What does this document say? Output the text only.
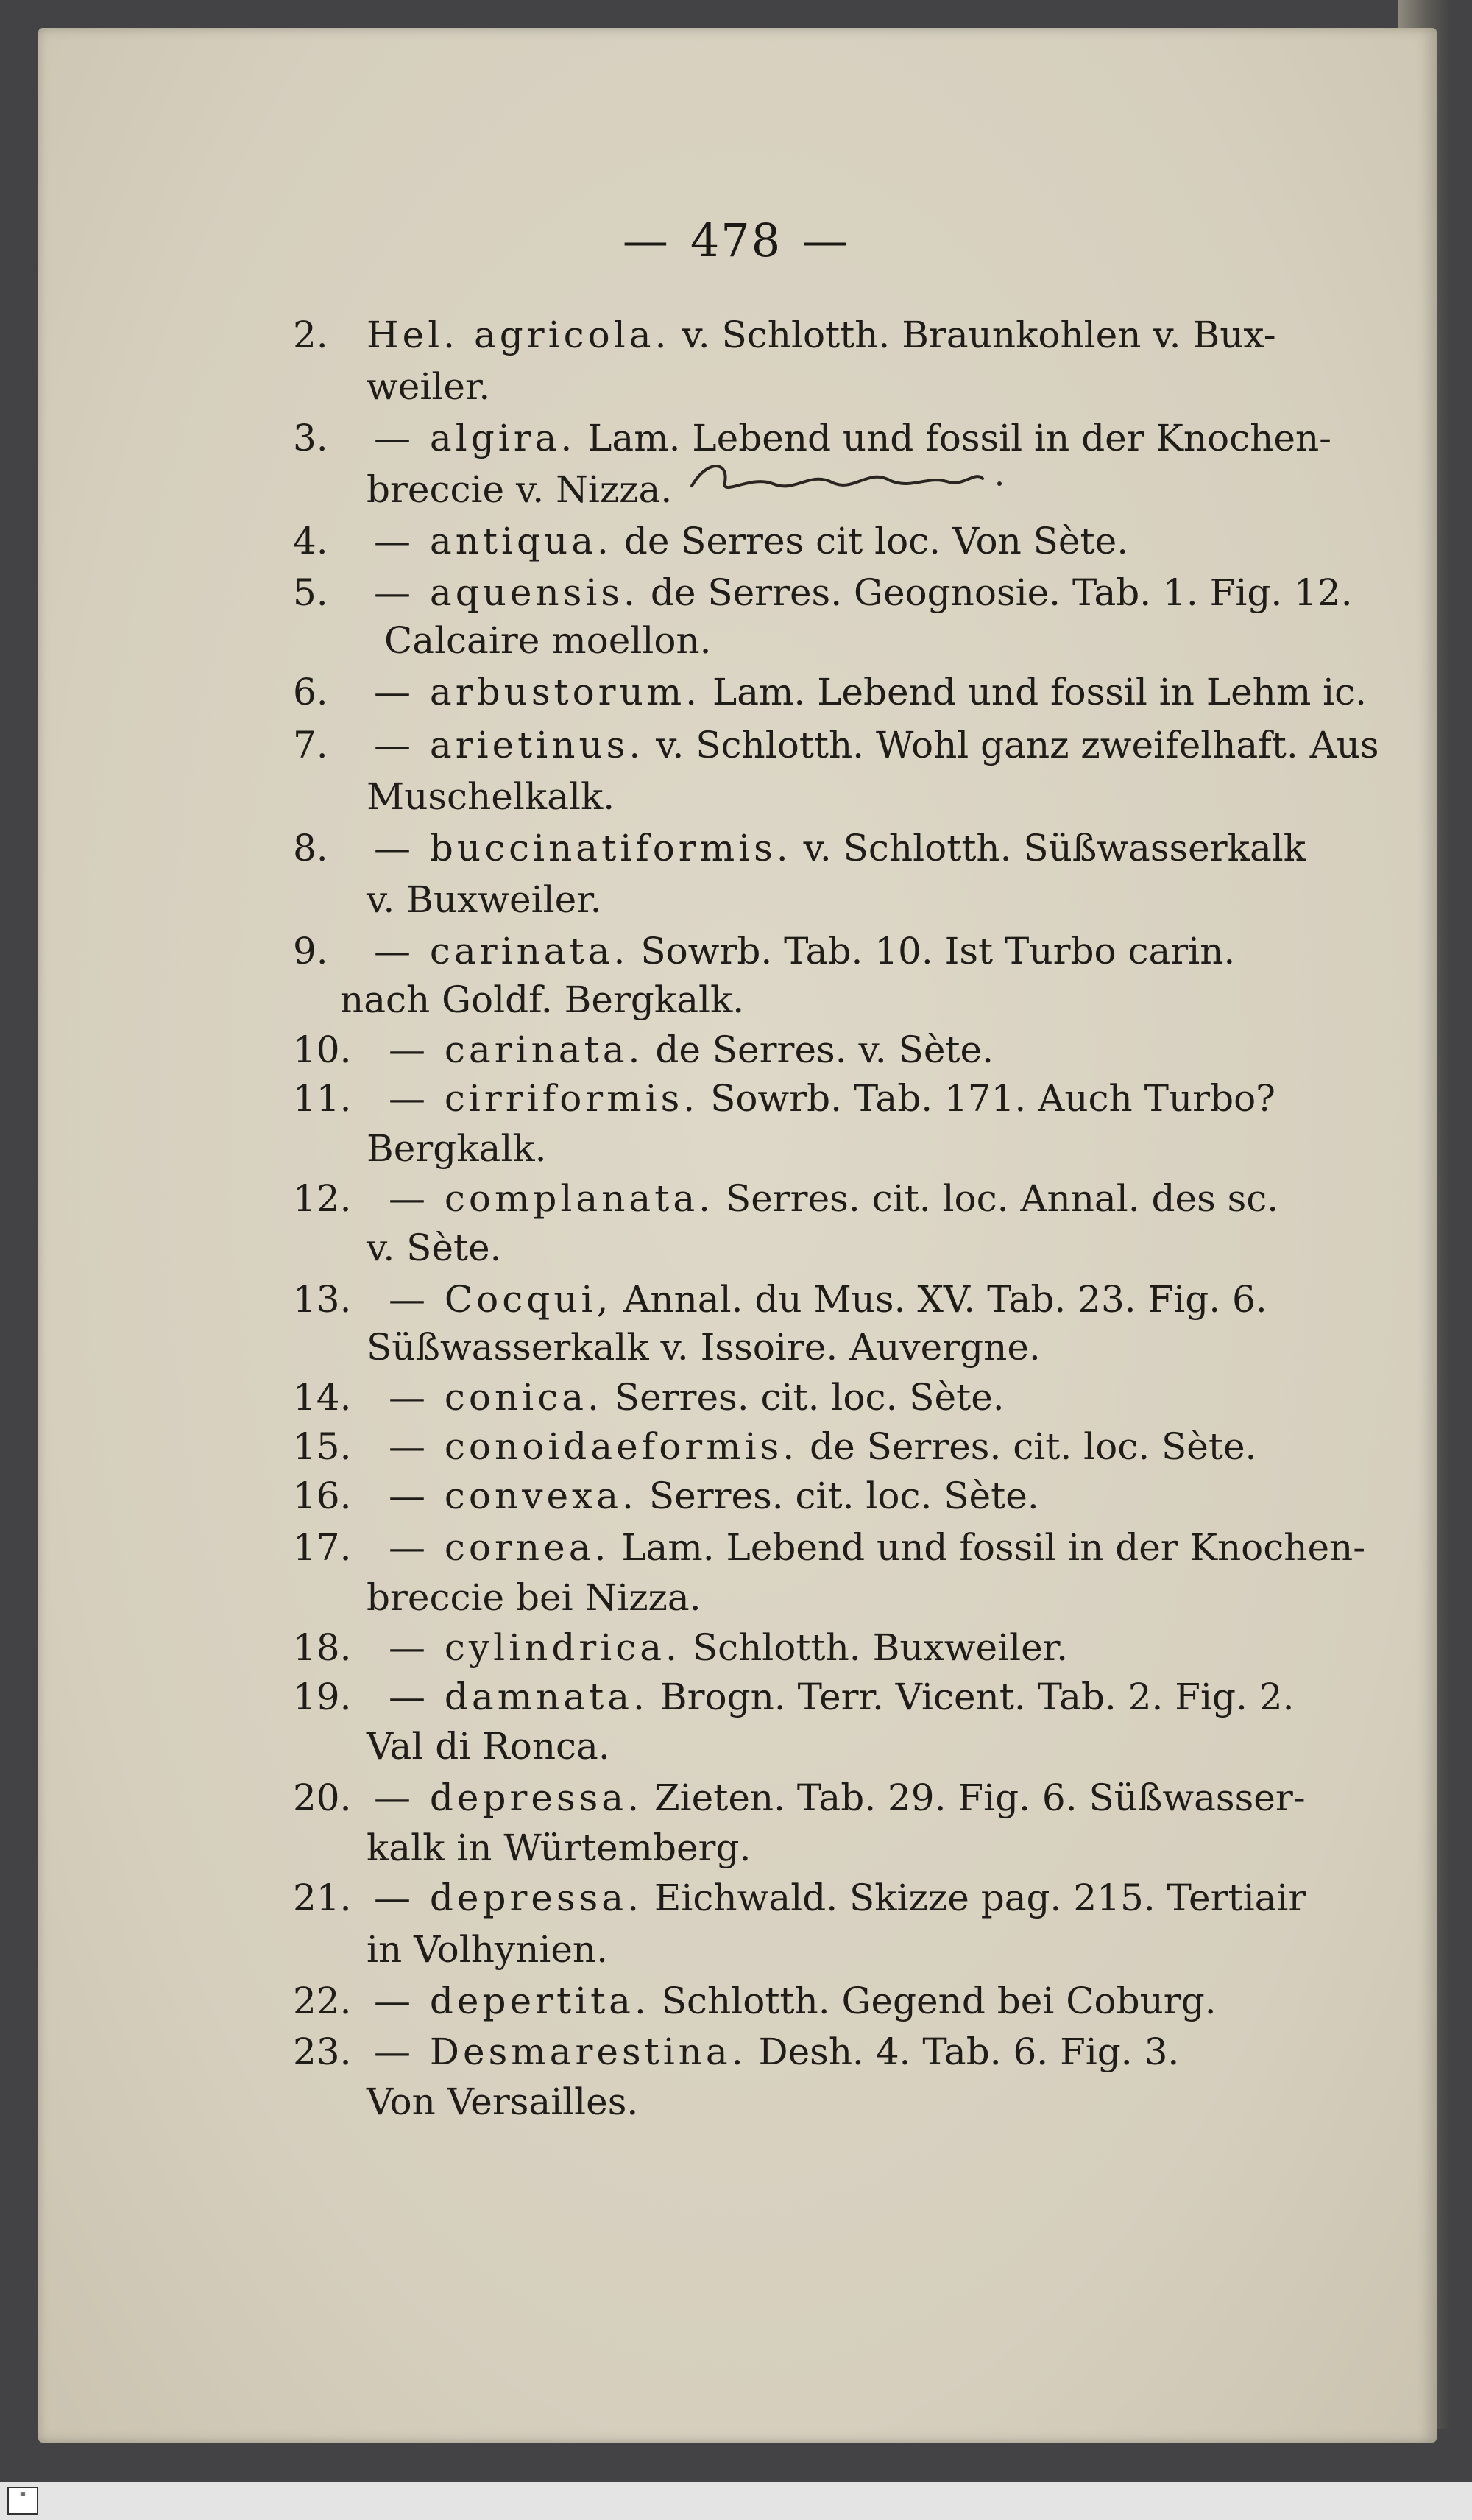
— 478 —
2. Hel. agricola. v. Schlotth. Braunkohlen v. Bux-
weiler.
3. — algira. Lam. Lebend und fossil in der Knochen-
breccie v. Nizza.
4. — antiqua. de Serres cit loc. Von Sète.
5. — aquensis. de Serres. Geognosie. Tab. 1. Fig. 12.
Calcaire moellon.
6. — arbustorum. Lam. Lebend und fossil in Lehm ic.
7. — arietinus. v. Schlotth. Wohl ganz zweifelhaft. Aus
Muschelkalk.
8. — buccinatiformis. v. Schlotth. Süßwasserkalk
v. Buxweiler.
9. — carinata. Sowrb. Tab. 10. Ist Turbo carin.
nach Goldf. Bergkalk.
10. — carinata. de Serres. v. Sète.
11. — cirriformis. Sowrb. Tab. 171. Auch Turbo?
Bergkalk.
12. — complanata. Serres. cit. loc. Annal. des sc.
v. Sète.
13. — Cocqui, Annal. du Mus. XV. Tab. 23. Fig. 6.
Süßwasserkalk v. Issoire. Auvergne.
14. — conica. Serres. cit. loc. Sète.
15. — conoidaeformis. de Serres. cit. loc. Sète.
16. — convexa. Serres. cit. loc. Sète.
17. — cornea. Lam. Lebend und fossil in der Knochen-
breccie bei Nizza.
18. — cylindrica. Schlotth. Buxweiler.
19. — damnata. Brogn. Terr. Vicent. Tab. 2. Fig. 2.
Val di Ronca.
20. — depressa. Zieten. Tab. 29. Fig. 6. Süßwasser-
kalk in Würtemberg.
21. — depressa. Eichwald. Skizze pag. 215. Tertiair
in Volhynien.
22. — depertita. Schlotth. Gegend bei Coburg.
23. — Desmarestina. Desh. 4. Tab. 6. Fig. 3.
Von Versailles.
▦
